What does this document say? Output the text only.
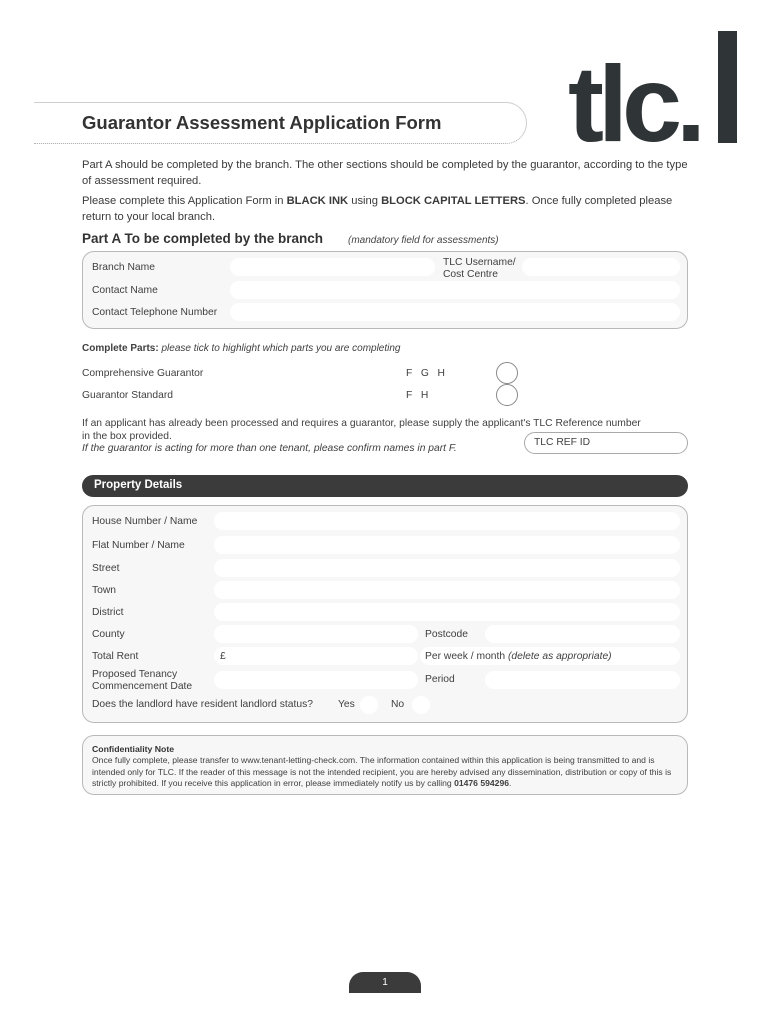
Guarantor Assessment Application Form tlc.
Part A should be completed by the branch. The other sections should be completed by the guarantor, according to the type of assessment required.
Please complete this Application Form in BLACK INK using BLOCK CAPITAL LETTERS. Once fully completed please return to your local branch.
Part A To be completed by the branch (mandatory field for assessments)
Branch Name	TLC Username/
Cost Centre
Contact Name
Contact Telephone Number
Complete Parts: please tick to highlight which parts you are completing
Comprehensive Guarantor	F   G   H
Guarantor Standard	F   H
If an applicant has already been processed and requires a guarantor, please supply the applicant's TLC Reference number in the box provided.
If the guarantor is acting for more than one tenant, please confirm names in part F.
TLC REF ID
Property Details
House Number / Name
Flat Number / Name
Street
Town
District
County	Postcode
Total Rent	£	Per week / month (delete as appropriate)
Proposed Tenancy
Commencement Date
Period
Does the landlord have resident landlord status? Yes	No
Confidentiality Note
Once fully complete, please transfer to www.tenant-letting-check.com. The information contained within this application is being transmitted to and is intended only for TLC. If the reader of this message is not the intended recipient, you are hereby advised any dissemination, distribution or copy of this is strictly prohibited. If you receive this application in error, please immediately notify us by calling 01476 594296.
1
